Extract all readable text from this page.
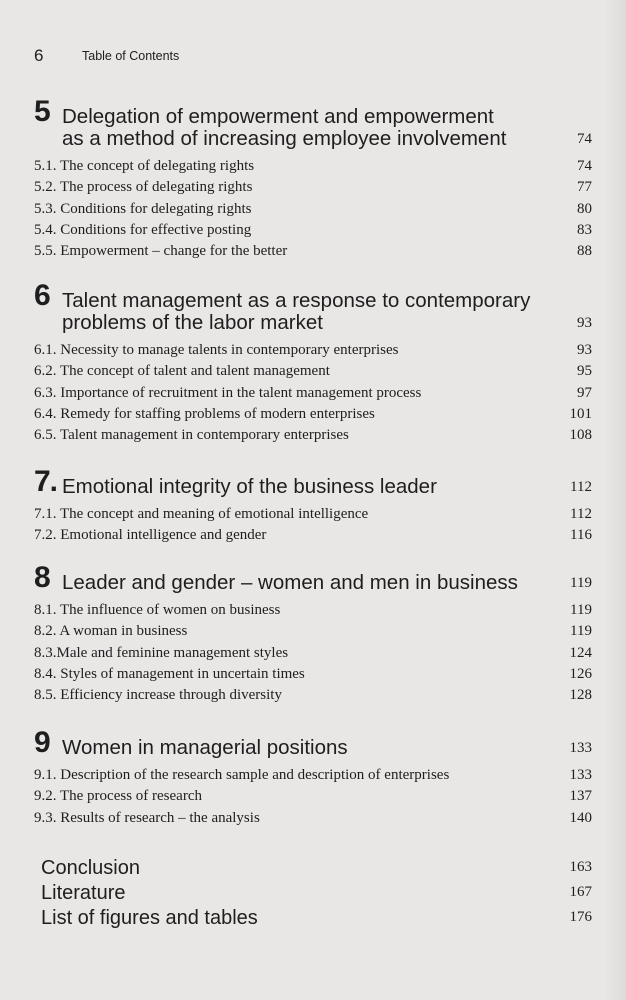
6	Table of Contents
5 Delegation of empowerment and empowerment
as a method of increasing employee involvement	74
5.1. The concept of delegating rights	74
5.2. The process of delegating rights	77
5.3. Conditions for delegating rights	80
5.4. Conditions for effective posting	83
5.5. Empowerment – change for the better	88
6 Talent management as a response to contemporary
problems of the labor market	93
6.1. Necessity to manage talents in contemporary enterprises	93
6.2. The concept of talent and talent management	95
6.3. Importance of recruitment in the talent management process	97
6.4. Remedy for staffing problems of modern enterprises	101
6.5. Talent management in contemporary enterprises	108
7. Emotional integrity of the business leader	112
7.1. The concept and meaning of emotional intelligence	112
7.2. Emotional intelligence and gender	116
8 Leader and gender – women and men in business	119
8.1. The influence of women on business	119
8.2. A woman in business	119
8.3.Male and feminine management styles	124
8.4. Styles of management in uncertain times	126
8.5. Efficiency increase through diversity	128
9 Women in managerial positions	133
9.1. Description of the research sample and description of enterprises	133
9.2. The process of research	137
9.3. Results of research – the analysis	140
Conclusion	163
Literature	167
List of figures and tables	176
